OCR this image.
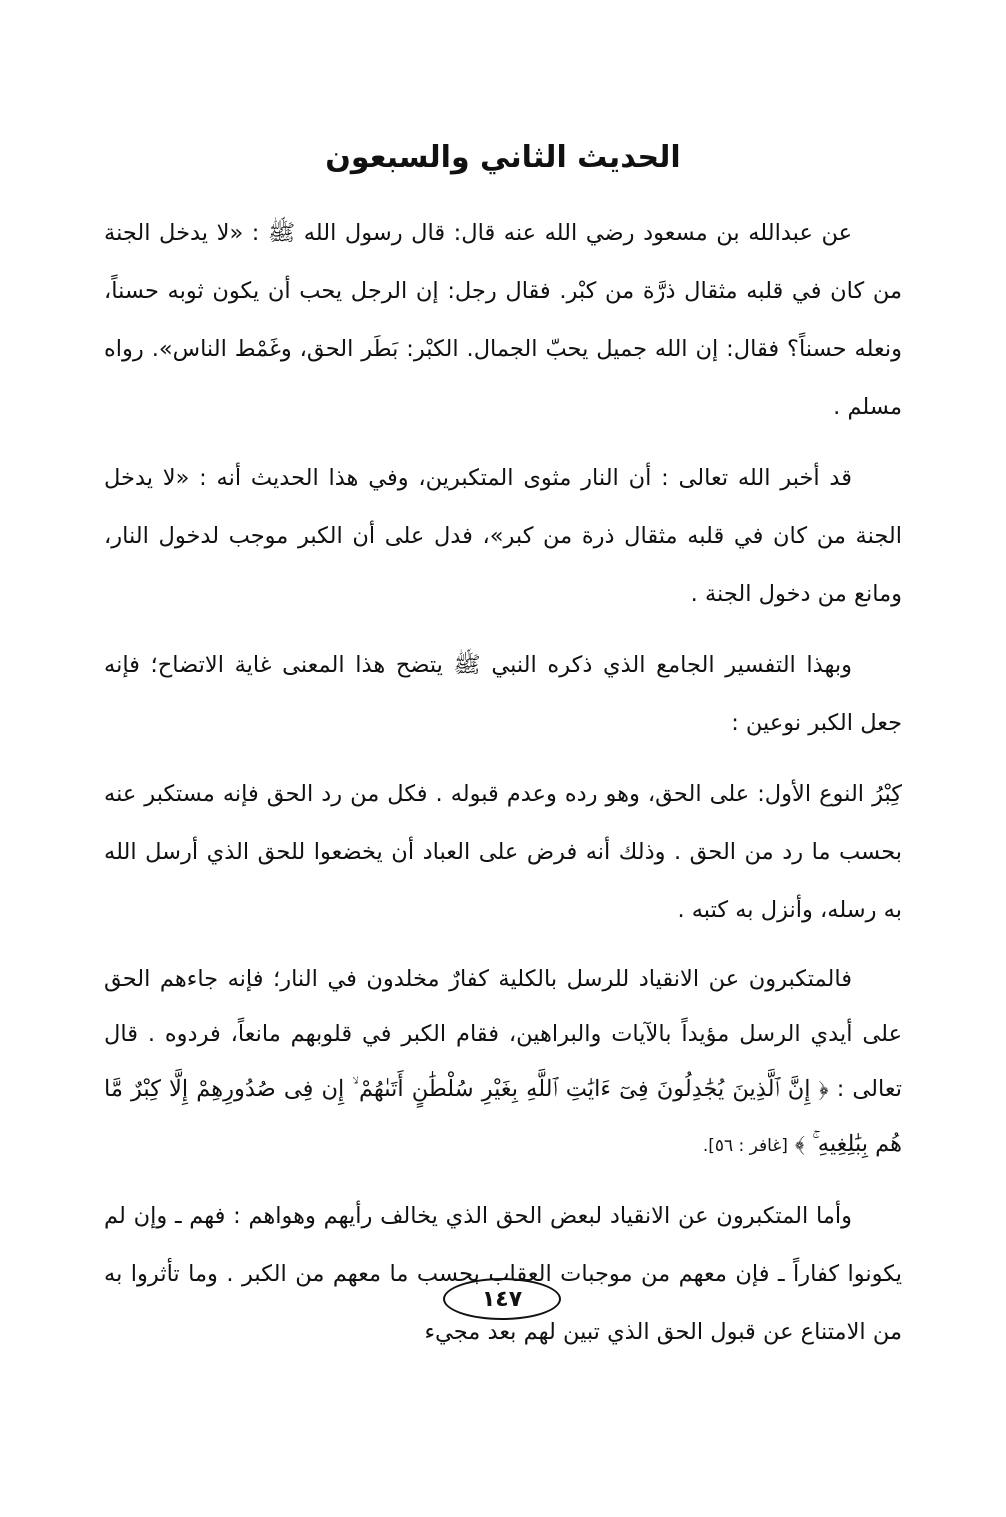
الحديث الثاني والسبعون

عن عبدالله بن مسعود رضي الله عنه قال: قال رسول الله ﷺ : «لا يدخل الجنة من كان في قلبه مثقال ذرَّة من كبْر. فقال رجل: إن الرجل يحب أن يكون ثوبه حسناً، ونعله حسناً؟ فقال: إن الله جميل يحبّ الجمال. الكبْر: بَطَر الحق، وغَمْط الناس». رواه مسلم .

قد أخبر الله تعالى : أن النار مثوى المتكبرين، وفي هذا الحديث أنه : «لا يدخل الجنة من كان في قلبه مثقال ذرة من كبر»، فدل على أن الكبر موجب لدخول النار، ومانع من دخول الجنة .

وبهذا التفسير الجامع الذي ذكره النبي ﷺ يتضح هذا المعنى غاية الاتضاح؛ فإنه جعل الكبر نوعين :

كِبْرُ النوع الأول: على الحق، وهو رده وعدم قبوله . فكل من رد الحق فإنه مستكبر عنه بحسب ما رد من الحق . وذلك أنه فرض على العباد أن يخضعوا للحق الذي أرسل الله به رسله، وأنزل به كتبه .

فالمتكبرون عن الانقياد للرسل بالكلية كفارٌ مخلدون في النار؛ فإنه جاءهم الحق على أيدي الرسل مؤيداً بالآيات والبراهين، فقام الكبر في قلوبهم مانعاً، فردوه . قال تعالى : ﴿ إِنَّ ٱلَّذِينَ يُجَٰدِلُونَ فِىٓ ءَايَٰتِ ٱللَّهِ بِغَيْرِ سُلْطَٰنٍ أَتَىٰهُمْ ۙ إِن فِى صُدُورِهِمْ إِلَّا كِبْرٌ مَّا هُم بِبَٰلِغِيهِ ۚ ﴾ [غافر : ٥٦].

وأما المتكبرون عن الانقياد لبعض الحق الذي يخالف رأيهم وهواهم : فهم ـ وإن لم يكونوا كفاراً ـ فإن معهم من موجبات العقاب بحسب ما معهم من الكبر . وما تأثروا به من الامتناع عن قبول الحق الذي تبين لهم بعد مجيء

١٤٧
